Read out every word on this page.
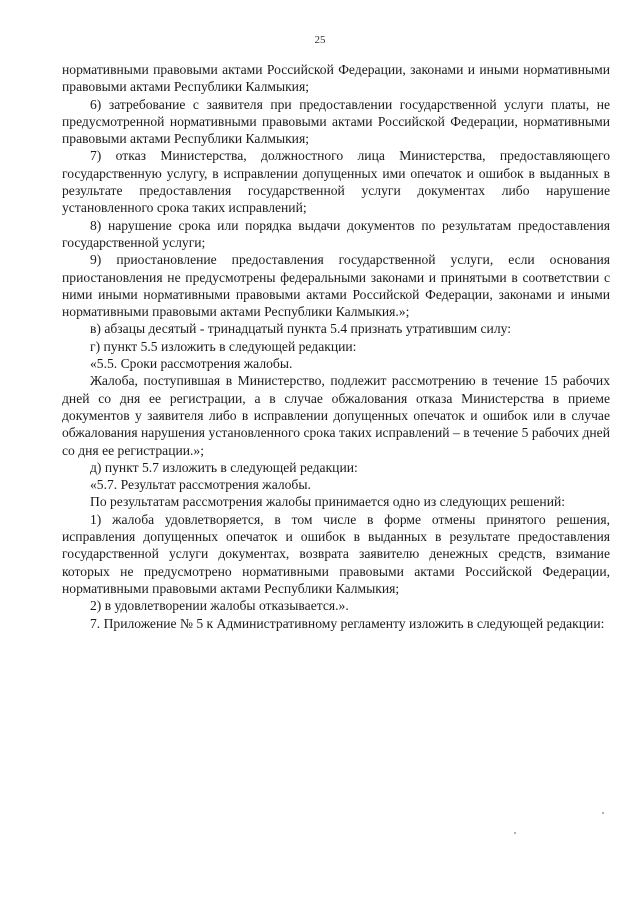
25

нормативными правовыми актами Российской Федерации, законами и иными нормативными правовыми актами Республики Калмыкия;

6) затребование с заявителя при предоставлении государственной услуги платы, не предусмотренной нормативными правовыми актами Российской Федерации, нормативными правовыми актами Республики Калмыкия;

7) отказ Министерства, должностного лица Министерства, предоставляющего государственную услугу, в исправлении допущенных ими опечаток и ошибок в выданных в результате предоставления государственной услуги документах либо нарушение установленного срока таких исправлений;

8) нарушение срока или порядка выдачи документов по результатам предоставления государственной услуги;

9) приостановление предоставления государственной услуги, если основания приостановления не предусмотрены федеральными законами и принятыми в соответствии с ними иными нормативными правовыми актами Российской Федерации, законами и иными нормативными правовыми актами Республики Калмыкия.»;

в) абзацы десятый - тринадцатый пункта 5.4 признать утратившим силу:

г) пункт 5.5 изложить в следующей редакции:

«5.5. Сроки рассмотрения жалобы.

Жалоба, поступившая в Министерство, подлежит рассмотрению в течение 15 рабочих дней со дня ее регистрации, а в случае обжалования отказа Министерства в приеме документов у заявителя либо в исправлении допущенных опечаток и ошибок или в случае обжалования нарушения установленного срока таких исправлений – в течение 5 рабочих дней со дня ее регистрации.»;

д) пункт 5.7 изложить в следующей редакции:

«5.7. Результат рассмотрения жалобы.

По результатам рассмотрения жалобы принимается одно из следующих решений:

1) жалоба удовлетворяется, в том числе в форме отмены принятого решения, исправления допущенных опечаток и ошибок в выданных в результате предоставления государственной услуги документах, возврата заявителю денежных средств, взимание которых не предусмотрено нормативными правовыми актами Российской Федерации, нормативными правовыми актами Республики Калмыкия;

2) в удовлетворении жалобы отказывается.».

7. Приложение № 5 к Административному регламенту изложить в следующей редакции:
